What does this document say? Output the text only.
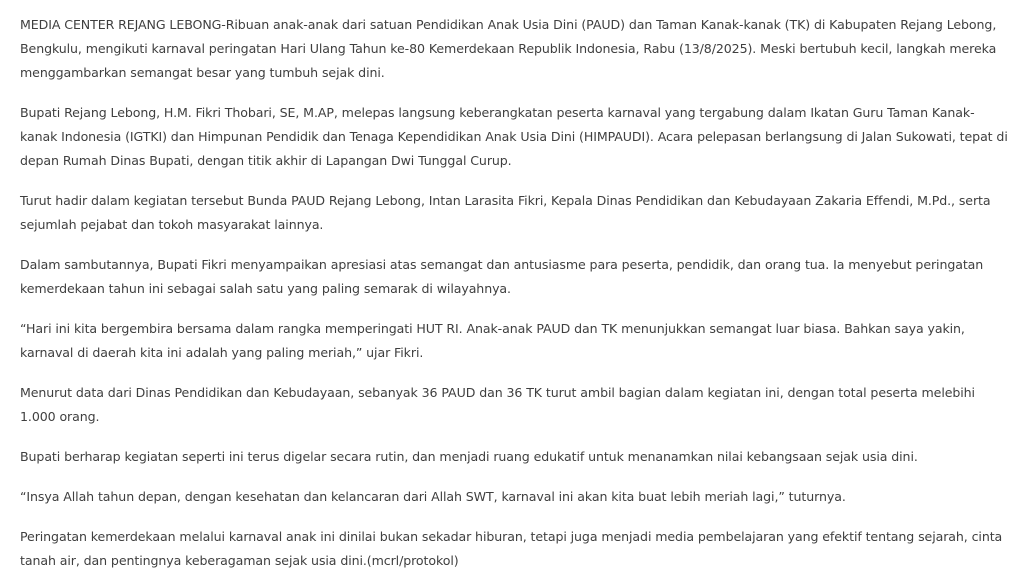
MEDIA CENTER REJANG LEBONG-Ribuan anak-anak dari satuan Pendidikan Anak Usia Dini (PAUD) dan Taman Kanak-kanak (TK) di Kabupaten Rejang Lebong, Bengkulu, mengikuti karnaval peringatan Hari Ulang Tahun ke-80 Kemerdekaan Republik Indonesia, Rabu (13/8/2025). Meski bertubuh kecil, langkah mereka menggambarkan semangat besar yang tumbuh sejak dini.

Bupati Rejang Lebong, H.M. Fikri Thobari, SE, M.AP, melepas langsung keberangkatan peserta karnaval yang tergabung dalam Ikatan Guru Taman Kanak-kanak Indonesia (IGTKI) dan Himpunan Pendidik dan Tenaga Kependidikan Anak Usia Dini (HIMPAUDI). Acara pelepasan berlangsung di Jalan Sukowati, tepat di depan Rumah Dinas Bupati, dengan titik akhir di Lapangan Dwi Tunggal Curup.

Turut hadir dalam kegiatan tersebut Bunda PAUD Rejang Lebong, Intan Larasita Fikri, Kepala Dinas Pendidikan dan Kebudayaan Zakaria Effendi, M.Pd., serta sejumlah pejabat dan tokoh masyarakat lainnya.

Dalam sambutannya, Bupati Fikri menyampaikan apresiasi atas semangat dan antusiasme para peserta, pendidik, dan orang tua. Ia menyebut peringatan kemerdekaan tahun ini sebagai salah satu yang paling semarak di wilayahnya.

“Hari ini kita bergembira bersama dalam rangka memperingati HUT RI. Anak-anak PAUD dan TK menunjukkan semangat luar biasa. Bahkan saya yakin, karnaval di daerah kita ini adalah yang paling meriah,” ujar Fikri.

Menurut data dari Dinas Pendidikan dan Kebudayaan, sebanyak 36 PAUD dan 36 TK turut ambil bagian dalam kegiatan ini, dengan total peserta melebihi 1.000 orang.

Bupati berharap kegiatan seperti ini terus digelar secara rutin, dan menjadi ruang edukatif untuk menanamkan nilai kebangsaan sejak usia dini.

“Insya Allah tahun depan, dengan kesehatan dan kelancaran dari Allah SWT, karnaval ini akan kita buat lebih meriah lagi,” tuturnya.

Peringatan kemerdekaan melalui karnaval anak ini dinilai bukan sekadar hiburan, tetapi juga menjadi media pembelajaran yang efektif tentang sejarah, cinta tanah air, dan pentingnya keberagaman sejak usia dini.(mcrl/protokol)
